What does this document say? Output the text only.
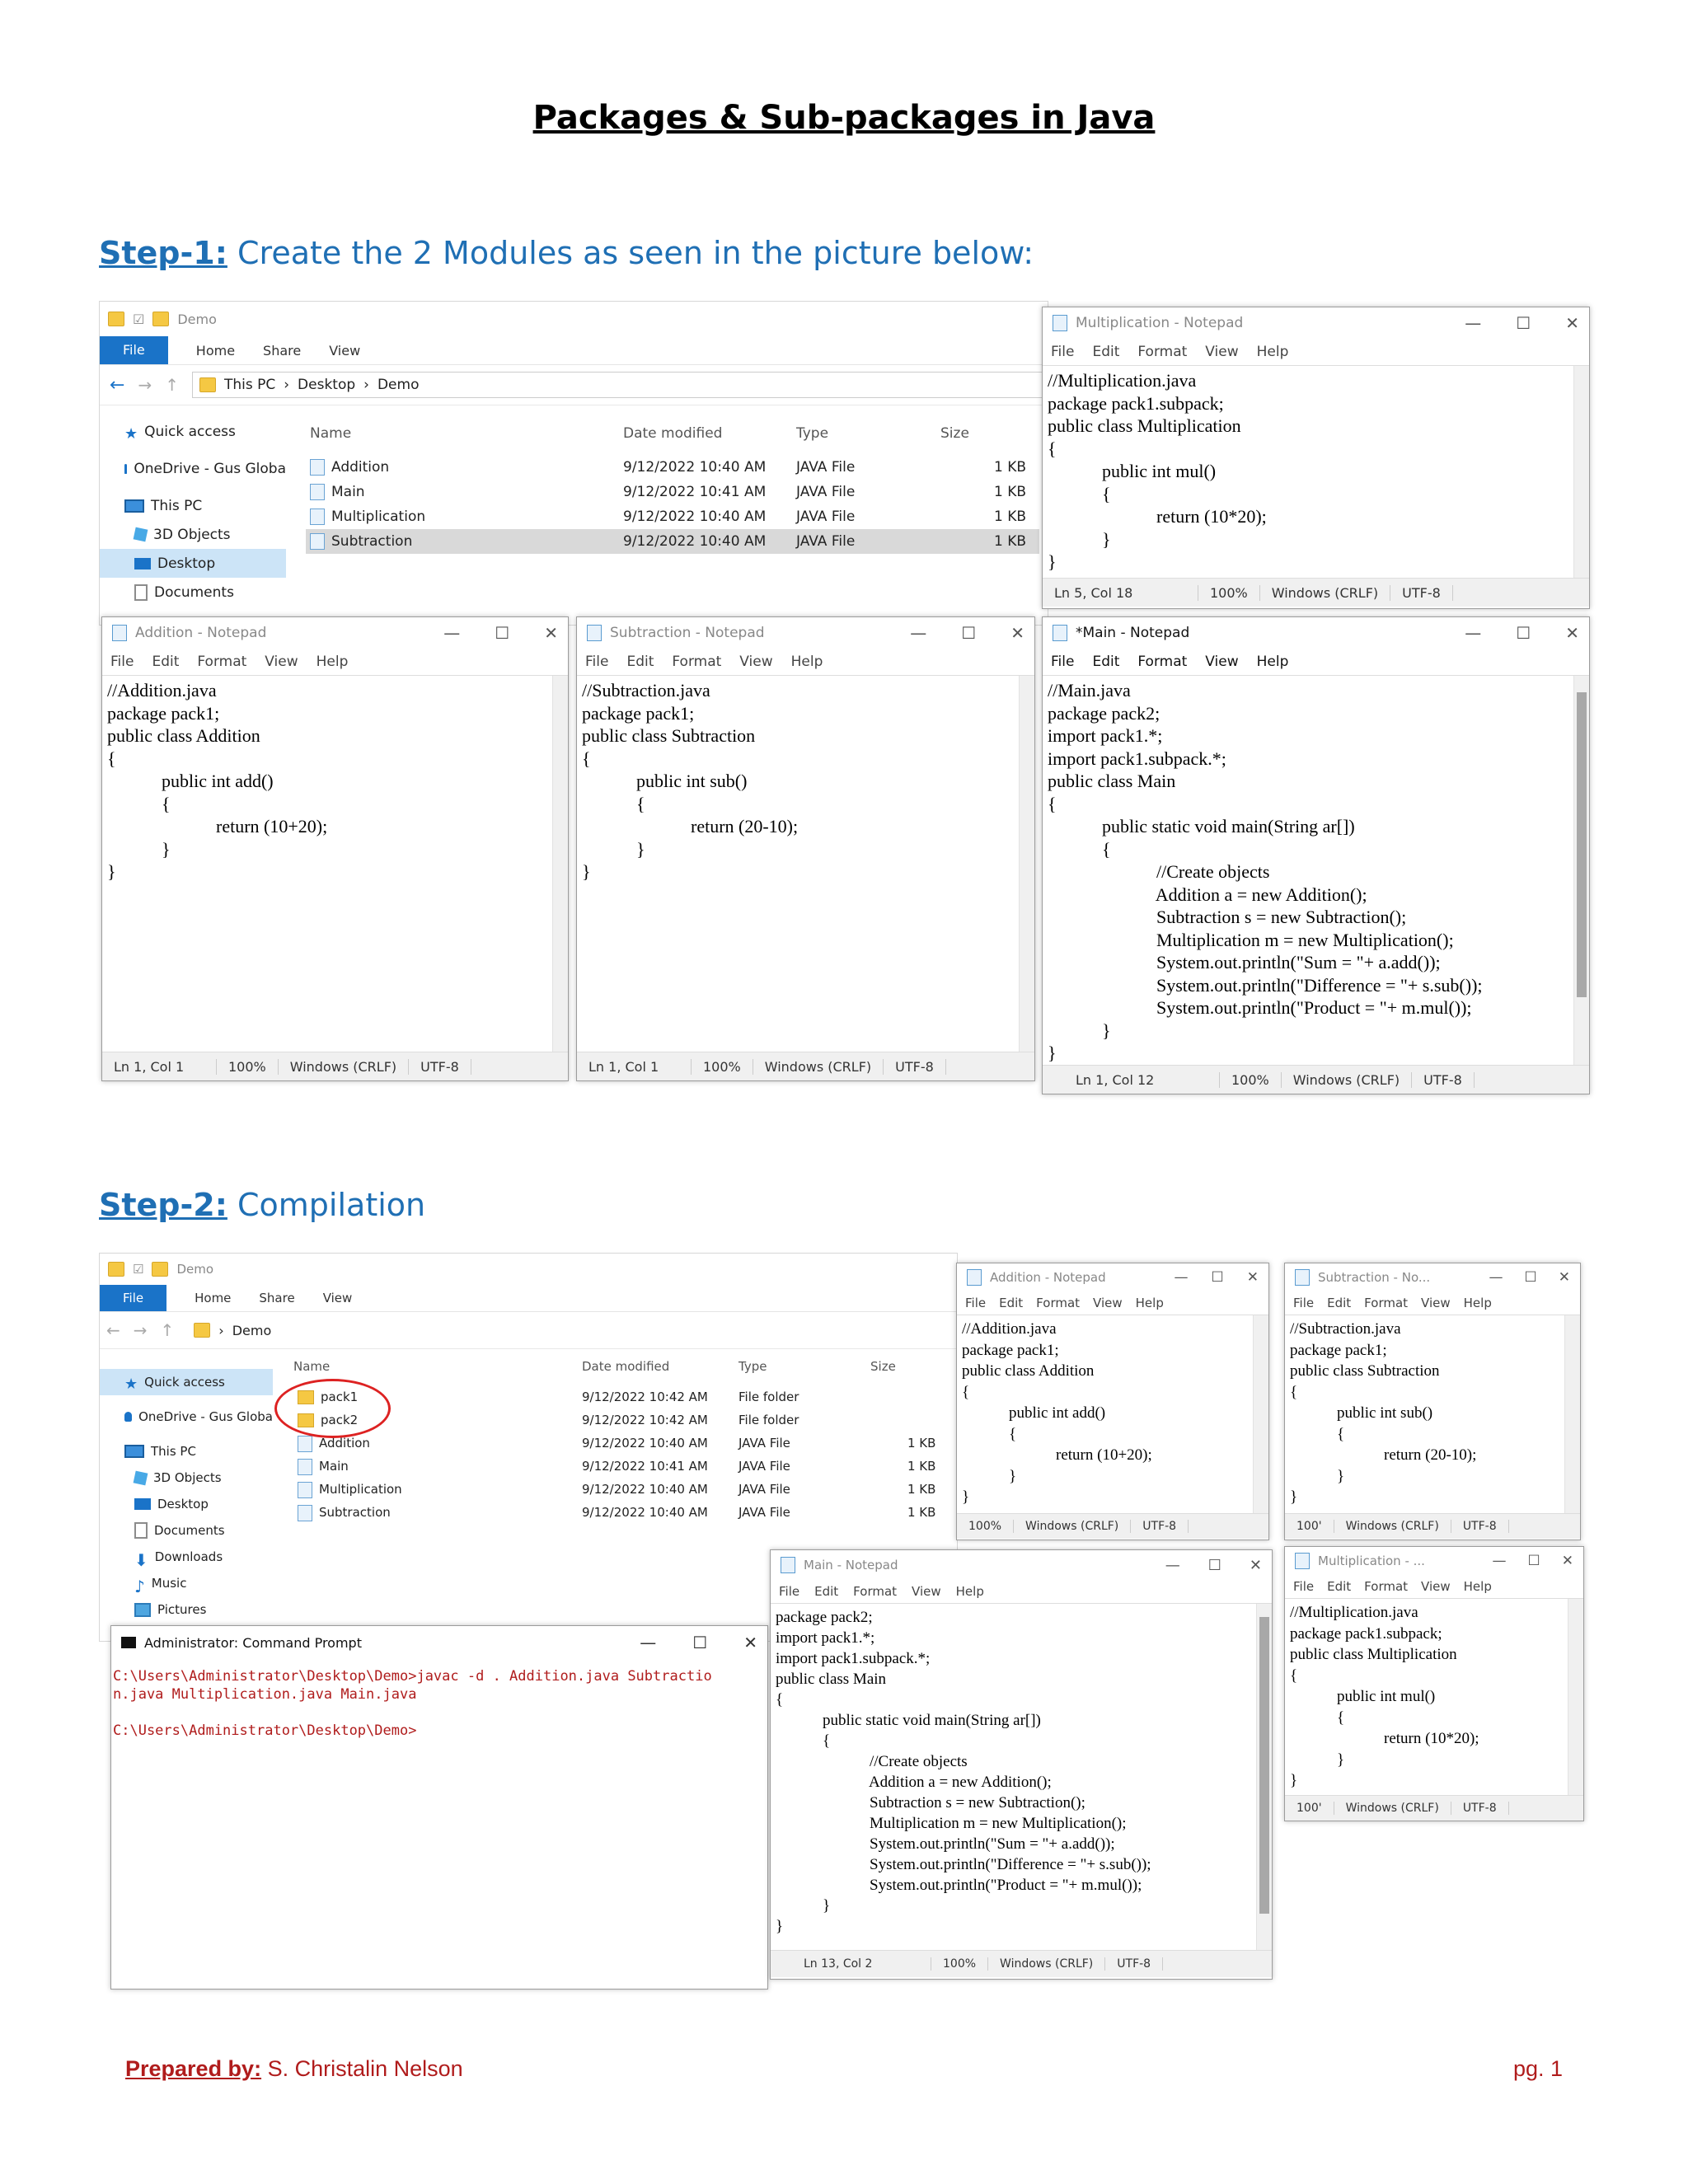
Packages & Sub-packages in Java
Step-1: Create the 2 Modules as seen in the picture below:
☑	Demo
File	Home Share View
← → ↑	This PC › Desktop › Demo
★ Quick access
OneDrive - Gus Globa
This PC
3D Objects
Desktop
Documents
Name	Date modified	Type	Size
Addition	9/12/2022 10:40 AM JAVA File	1 KB
Main	9/12/2022 10:41 AM JAVA File	1 KB
Multiplication	9/12/2022 10:40 AM JAVA File	1 KB
Subtraction	9/12/2022 10:40 AM JAVA File	1 KB
Multiplication - Notepad	— ☐ ✕
File Edit Format View Help
//Multiplication.java
package pack1.subpack;
public class Multiplication
{
public int mul()
{
return (10*20);
}
}
Ln 5, Col 18	100%	Windows (CRLF)	UTF-8
Addition - Notepad	— ☐ ✕
File Edit Format View Help
//Addition.java
package pack1;
public class Addition
{
public int add()
{
return (10+20);
}
}
Ln 1, Col 1	100%	Windows (CRLF)	UTF-8
Subtraction - Notepad	— ☐ ✕
File Edit Format View Help
//Subtraction.java
package pack1;
public class Subtraction
{
public int sub()
{
return (20-10);
}
}
Ln 1, Col 1	100%	Windows (CRLF)	UTF-8
*Main - Notepad	— ☐ ✕
File Edit Format View Help
//Main.java
package pack2;
import pack1.*;
import pack1.subpack.*;
public class Main
{
public static void main(String ar[])
{
//Create objects
Addition a = new Addition();
Subtraction s = new Subtraction();
Multiplication m = new Multiplication();
System.out.println("Sum = "+ a.add());
System.out.println("Difference = "+ s.sub());
System.out.println("Product = "+ m.mul());
}
}
Ln 1, Col 12	100%	Windows (CRLF)	UTF-8
Step-2: Compilation
☑	Demo
File	Home Share View
← → ↑	› Demo
★ Quick access
OneDrive - Gus Globa
This PC
3D Objects
Desktop
Documents
⬇ Downloads
♪ Music
Pictures
Name	Date modified	Type	Size
pack1	9/12/2022 10:42 AM File folder
pack2	9/12/2022 10:42 AM File folder
Addition	9/12/2022 10:40 AM JAVA File	1 KB
Main	9/12/2022 10:41 AM JAVA File	1 KB
Multiplication	9/12/2022 10:40 AM JAVA File	1 KB
Subtraction	9/12/2022 10:40 AM JAVA File	1 KB
Addition - Notepad	— ☐ ✕
File Edit Format View Help
//Addition.java
package pack1;
public class Addition
{
public int add()
{
return (10+20);
}
}
100%	Windows (CRLF)	UTF-8
Subtraction - No...	— ☐ ✕
File Edit Format View Help
//Subtraction.java
package pack1;
public class Subtraction
{
public int sub()
{
return (20-10);
}
}
100'	Windows (CRLF)	UTF-8
Administrator: Command Prompt	— ☐ ✕
C:\Users\Administrator\Desktop\Demo>javac -d . Addition.java Subtractio
n.java Multiplication.java Main.java

C:\Users\Administrator\Desktop\Demo>
Main - Notepad	— ☐ ✕
File Edit Format View Help
package pack2;
import pack1.*;
import pack1.subpack.*;
public class Main
{
public static void main(String ar[])
{
//Create objects
Addition a = new Addition();
Subtraction s = new Subtraction();
Multiplication m = new Multiplication();
System.out.println("Sum = "+ a.add());
System.out.println("Difference = "+ s.sub());
System.out.println("Product = "+ m.mul());
}
}
Ln 13, Col 2	100%	Windows (CRLF)	UTF-8
Multiplication - ...	— ☐ ✕
File Edit Format View Help
//Multiplication.java
package pack1.subpack;
public class Multiplication
{
public int mul()
{
return (10*20);
}
}
100'	Windows (CRLF)	UTF-8
Prepared by: S. Christalin Nelson	pg. 1
